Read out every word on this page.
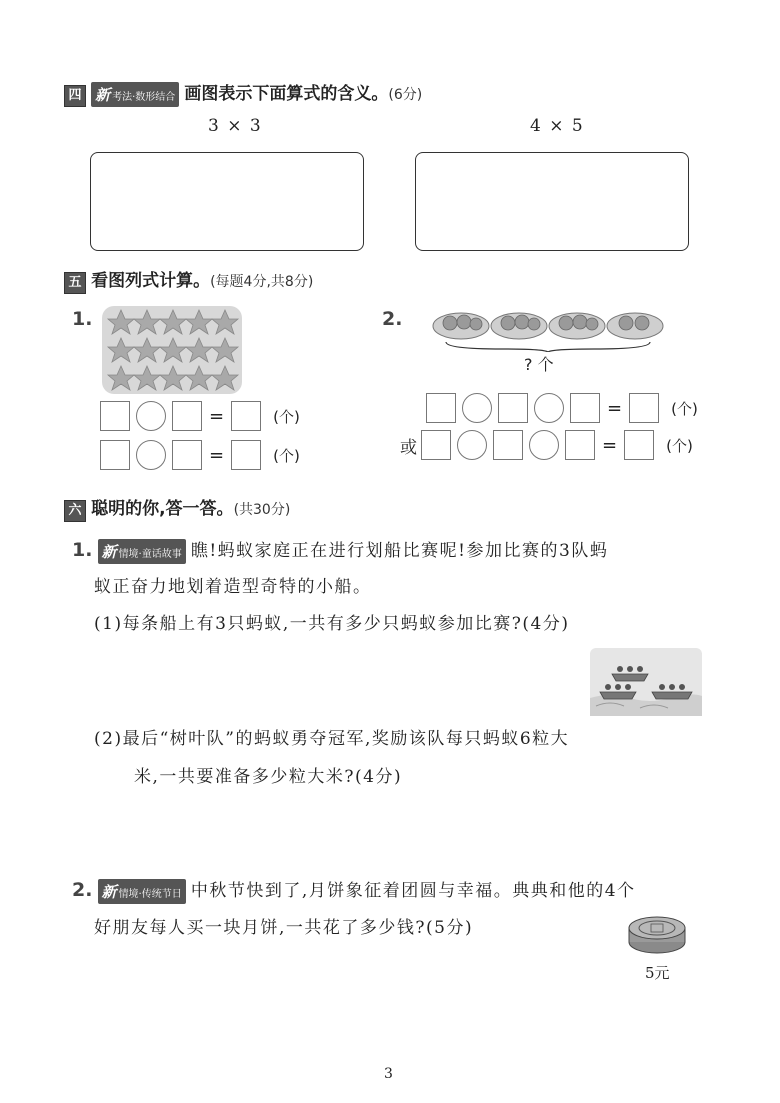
四 新 考法·数形结合 画图表示下面算式的含义。(6分)
3 × 3	4 × 5
五 看图列式计算。(每题4分,共8分)
1.
=	(个)
=	(个)
2.
? 个
=	(个)
或	=	(个)
六 聪明的你,答一答。(共30分)
1. 新 情境·童话故事 瞧!蚂蚁家庭正在进行划船比赛呢!参加比赛的3队蚂
蚁正奋力地划着造型奇特的小船。
(1)每条船上有3只蚂蚁,一共有多少只蚂蚁参加比赛?(4分)
(2)最后“树叶队”的蚂蚁勇夺冠军,奖励该队每只蚂蚁6粒大
米,一共要准备多少粒大米?(4分)
2. 新 情境·传统节日 中秋节快到了,月饼象征着团圆与幸福。典典和他的4个
好朋友每人买一块月饼,一共花了多少钱?(5分)
5元
3
